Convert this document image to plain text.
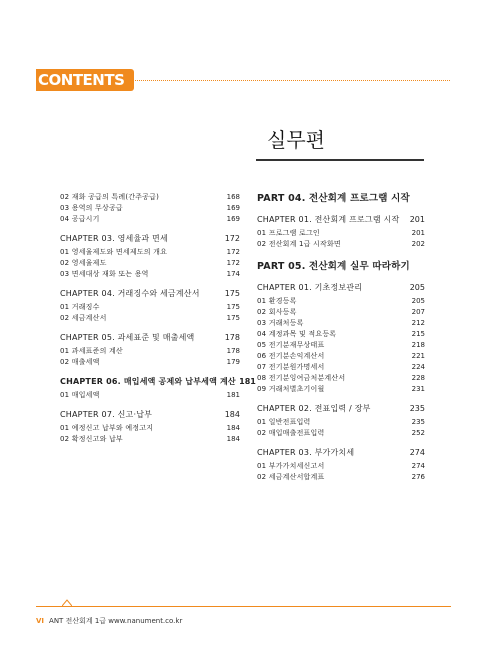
CONTENTS
실무편
02 재화 공급의 특례(간주공급)	168
03 용역의 무상공급	169
04 공급시기	169
CHAPTER 03. 영세율과 면세	172
01 영세율제도와 면세제도의 개요	172
02 영세율제도	172
03 면세대상 재화 또는 용역	174
CHAPTER 04. 거래징수와 세금계산서	175
01 거래징수	175
02 세금계산서	175
CHAPTER 05. 과세표준 및 매출세액	178
01 과세표준의 계산	178
02 매출세액	179
CHAPTER 06. 매입세액 공제와 납부세액 계산 181
01 매입세액	181
CHAPTER 07. 신고·납부	184
01 예정신고 납부와 예정고지	184
02 확정신고와 납부	184
PART 04. 전산회계 프로그램 시작
CHAPTER 01. 전산회계 프로그램 시작	201
01 프로그램 로그인	201
02 전산회계 1급 시작화면	202
PART 05. 전산회계 실무 따라하기
CHAPTER 01. 기초정보관리	205
01 환경등록	205
02 회사등록	207
03 거래처등록	212
04 계정과목 및 적요등록	215
05 전기분재무상태표	218
06 전기분손익계산서	221
07 전기분원가명세서	224
08 전기분잉여금처분계산서	228
09 거래처별초기이월	231
CHAPTER 02. 전표입력 / 장부	235
01 일반전표입력	235
02 매입매출전표입력	252
CHAPTER 03. 부가가치세	274
01 부가가치세신고서	274
02 세금계산서합계표	276
VI ANT 전산회계 1급 www.nanument.co.kr
